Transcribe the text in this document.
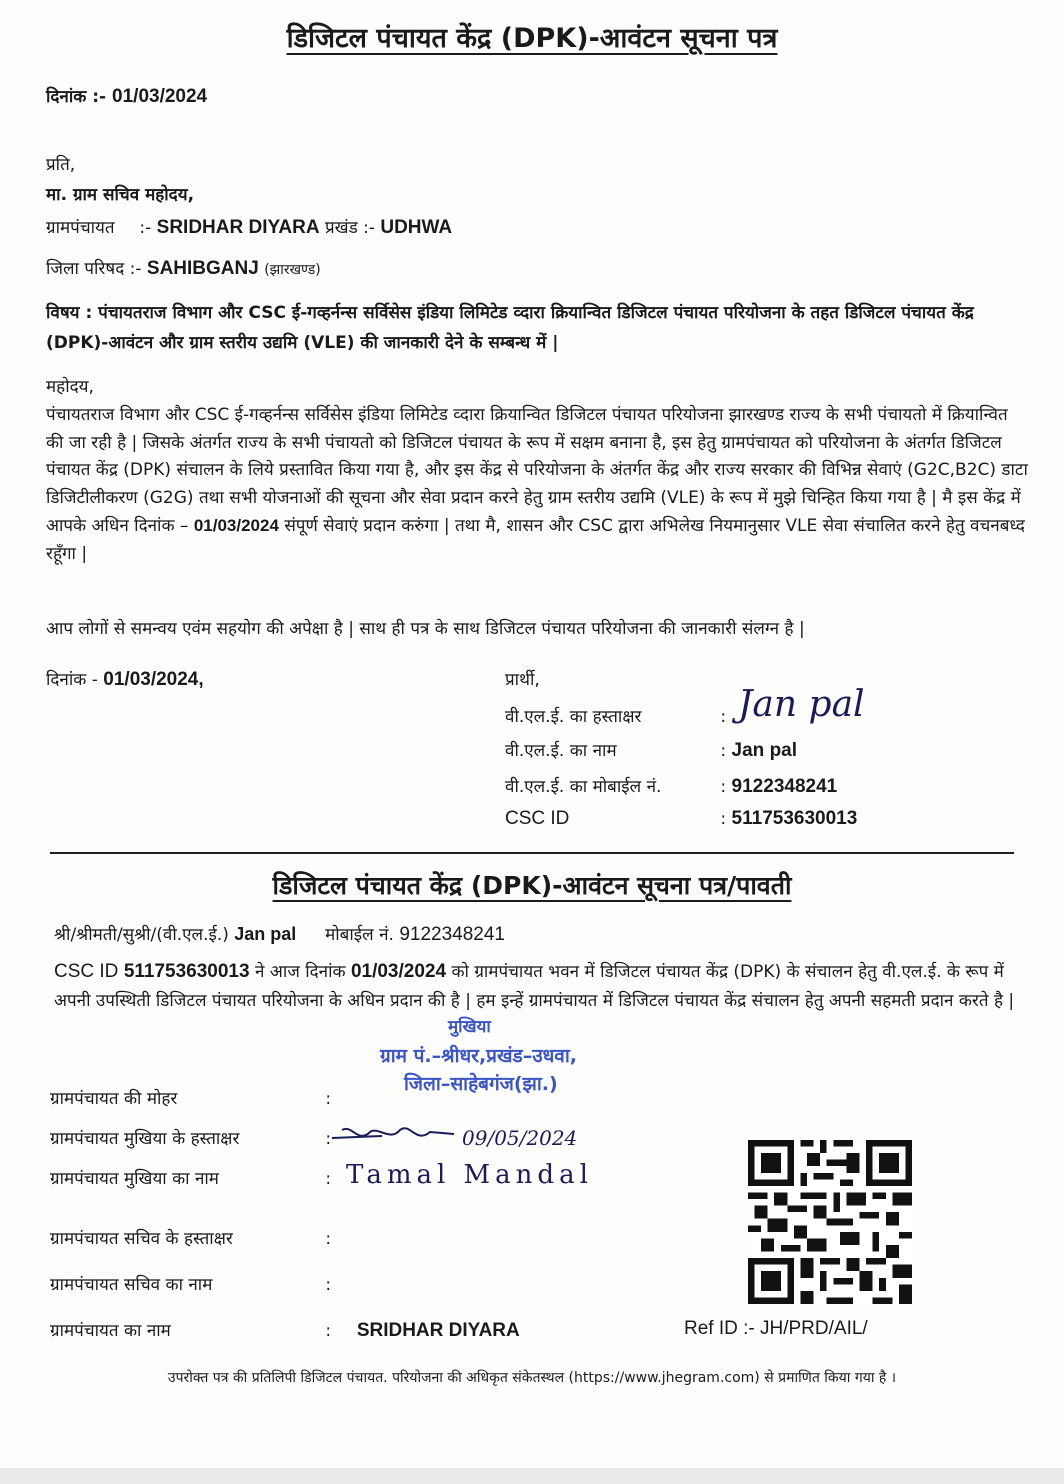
डिजिटल पंचायत केंद्र (DPK)-आवंटन सूचना पत्र
दिनांक :- 01/03/2024
प्रति,
मा. ग्राम सचिव महोदय,
ग्रामपंचायत :- SRIDHAR DIYARA प्रखंड :- UDHWA
जिला परिषद :- SAHIBGANJ (झारखण्ड)
विषय : पंचायतराज विभाग और CSC ई-गव्हर्नन्स सर्विसेस इंडिया लिमिटेड व्दारा क्रियान्वित डिजिटल पंचायत परियोजना के तहत डिजिटल पंचायत केंद्र (DPK)-आवंटन और ग्राम स्तरीय उद्यमि (VLE) की जानकारी देने के सम्बन्ध में |
महोदय,
पंचायतराज विभाग और CSC ई-गव्हर्नन्स सर्विसेस इंडिया लिमिटेड व्दारा क्रियान्वित डिजिटल पंचायत परियोजना झारखण्ड राज्य के सभी पंचायतो में क्रियान्वित की जा रही है | जिसके अंतर्गत राज्य के सभी पंचायतो को डिजिटल पंचायत के रूप में सक्षम बनाना है, इस हेतु ग्रामपंचायत को परियोजना के अंतर्गत डिजिटल पंचायत केंद्र (DPK) संचालन के लिये प्रस्तावित किया गया है, और इस केंद्र से परियोजना के अंतर्गत केंद्र और राज्य सरकार की विभिन्न सेवाएं (G2C,B2C) डाटा डिजिटीलीकरण (G2G) तथा सभी योजनाओं की सूचना और सेवा प्रदान करने हेतु ग्राम स्तरीय उद्यमि (VLE) के रूप में मुझे चिन्हित किया गया है | मै इस केंद्र में आपके अधिन दिनांक – 01/03/2024 संपूर्ण सेवाएं प्रदान करुंगा | तथा मै, शासन और CSC द्वारा अभिलेख नियमानुसार VLE सेवा संचालित करने हेतु वचनबध्द रहूँगा |
आप लोगों से समन्वय एवंम सहयोग की अपेक्षा है | साथ ही पत्र के साथ डिजिटल पंचायत परियोजना की जानकारी संलग्न है |
दिनांक - 01/03/2024,	प्रार्थी,
वी.एल.ई. का हस्ताक्षर	: Jan pal
वी.एल.ई. का नाम	: Jan pal
वी.एल.ई. का मोबाईल नं.	: 9122348241
CSC ID	: 511753630013
डिजिटल पंचायत केंद्र (DPK)-आवंटन सूचना पत्र/पावती
श्री/श्रीमती/सुश्री/(वी.एल.ई.) Jan pal मोबाईल नं. 9122348241
CSC ID 511753630013 ने आज दिनांक 01/03/2024 को ग्रामपंचायत भवन में डिजिटल पंचायत केंद्र (DPK) के संचालन हेतु वी.एल.ई. के रूप में अपनी उपस्थिती डिजिटल पंचायत परियोजना के अधिन प्रदान की है | हम इन्हें ग्रामपंचायत में डिजिटल पंचायत केंद्र संचालन हेतु अपनी सहमती प्रदान करते है |
मुखिया
ग्राम पं.–श्रीधर,प्रखंड–उधवा,
जिला–साहेबगंज(झा.)
ग्रामपंचायत की मोहर	:
ग्रामपंचायत मुखिया के हस्ताक्षर	:	09/05/2024
ग्रामपंचायत मुखिया का नाम	: Tamal Mandal
ग्रामपंचायत सचिव के हस्ताक्षर	:
ग्रामपंचायत सचिव का नाम	:
ग्रामपंचायत का नाम	: SRIDHAR DIYARA	Ref ID :- JH/PRD/AIL/
उपरोक्त पत्र की प्रतिलिपी डिजिटल पंचायत. परियोजना की अधिकृत संकेतस्थल (https://www.jhegram.com) से प्रमाणित किया गया है ।
